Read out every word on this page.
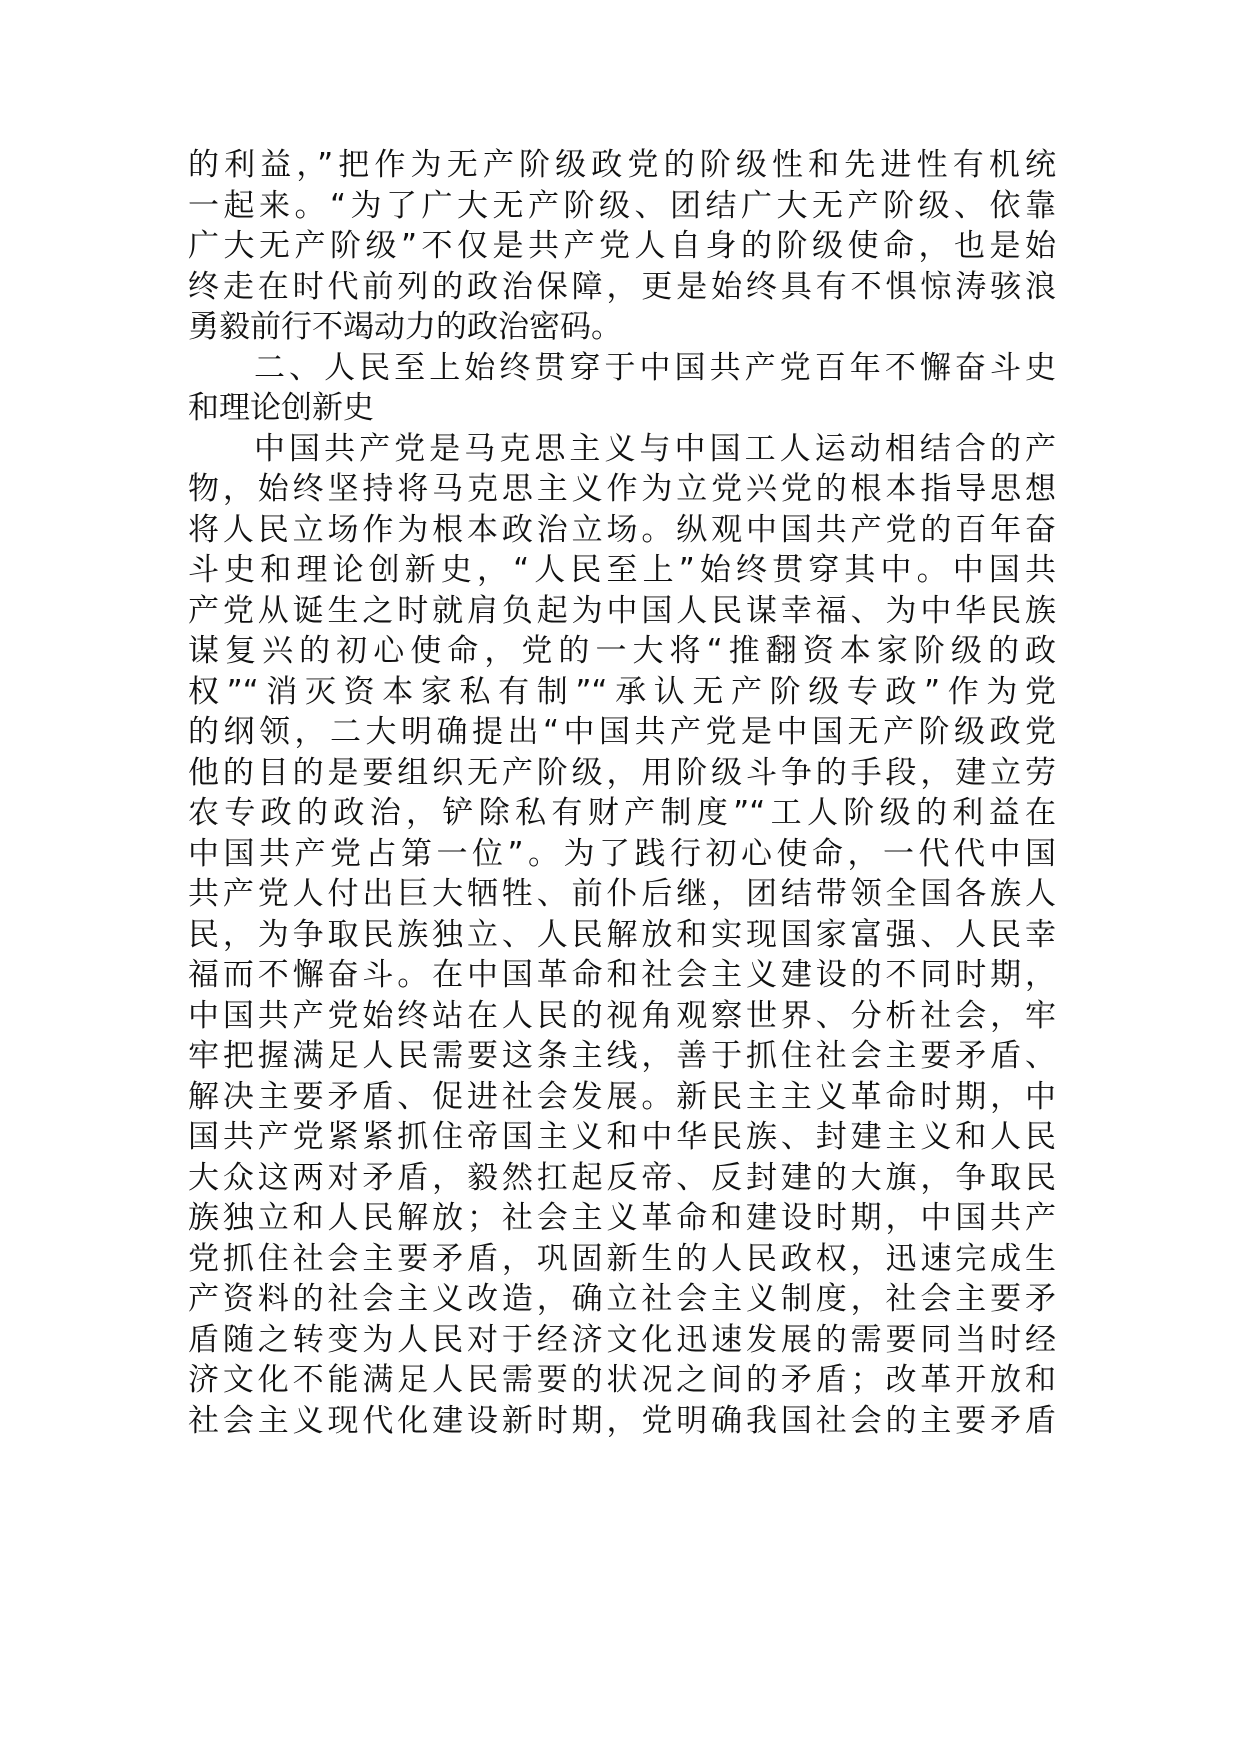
的利益，”把作为无产阶级政党的阶级性和先进性有机统
一起来。“为了广大无产阶级、团结广大无产阶级、依靠
广大无产阶级”不仅是共产党人自身的阶级使命，也是始
终走在时代前列的政治保障，更是始终具有不惧惊涛骇浪
勇毅前行不竭动力的政治密码。
二、人民至上始终贯穿于中国共产党百年不懈奋斗史
和理论创新史
中国共产党是马克思主义与中国工人运动相结合的产
物，始终坚持将马克思主义作为立党兴党的根本指导思想
将人民立场作为根本政治立场。纵观中国共产党的百年奋
斗史和理论创新史，“人民至上”始终贯穿其中。中国共
产党从诞生之时就肩负起为中国人民谋幸福、为中华民族
谋复兴的初心使命，党的一大将“推翻资本家阶级的政
权”“消灭资本家私有制”“承认无产阶级专政”作为党
的纲领，二大明确提出“中国共产党是中国无产阶级政党
他的目的是要组织无产阶级，用阶级斗争的手段，建立劳
农专政的政治，铲除私有财产制度”“工人阶级的利益在
中国共产党占第一位”。为了践行初心使命，一代代中国
共产党人付出巨大牺牲、前仆后继，团结带领全国各族人
民，为争取民族独立、人民解放和实现国家富强、人民幸
福而不懈奋斗。在中国革命和社会主义建设的不同时期，
中国共产党始终站在人民的视角观察世界、分析社会，牢
牢把握满足人民需要这条主线，善于抓住社会主要矛盾、
解决主要矛盾、促进社会发展。新民主主义革命时期，中
国共产党紧紧抓住帝国主义和中华民族、封建主义和人民
大众这两对矛盾，毅然扛起反帝、反封建的大旗，争取民
族独立和人民解放；社会主义革命和建设时期，中国共产
党抓住社会主要矛盾，巩固新生的人民政权，迅速完成生
产资料的社会主义改造，确立社会主义制度，社会主要矛
盾随之转变为人民对于经济文化迅速发展的需要同当时经
济文化不能满足人民需要的状况之间的矛盾；改革开放和
社会主义现代化建设新时期，党明确我国社会的主要矛盾
